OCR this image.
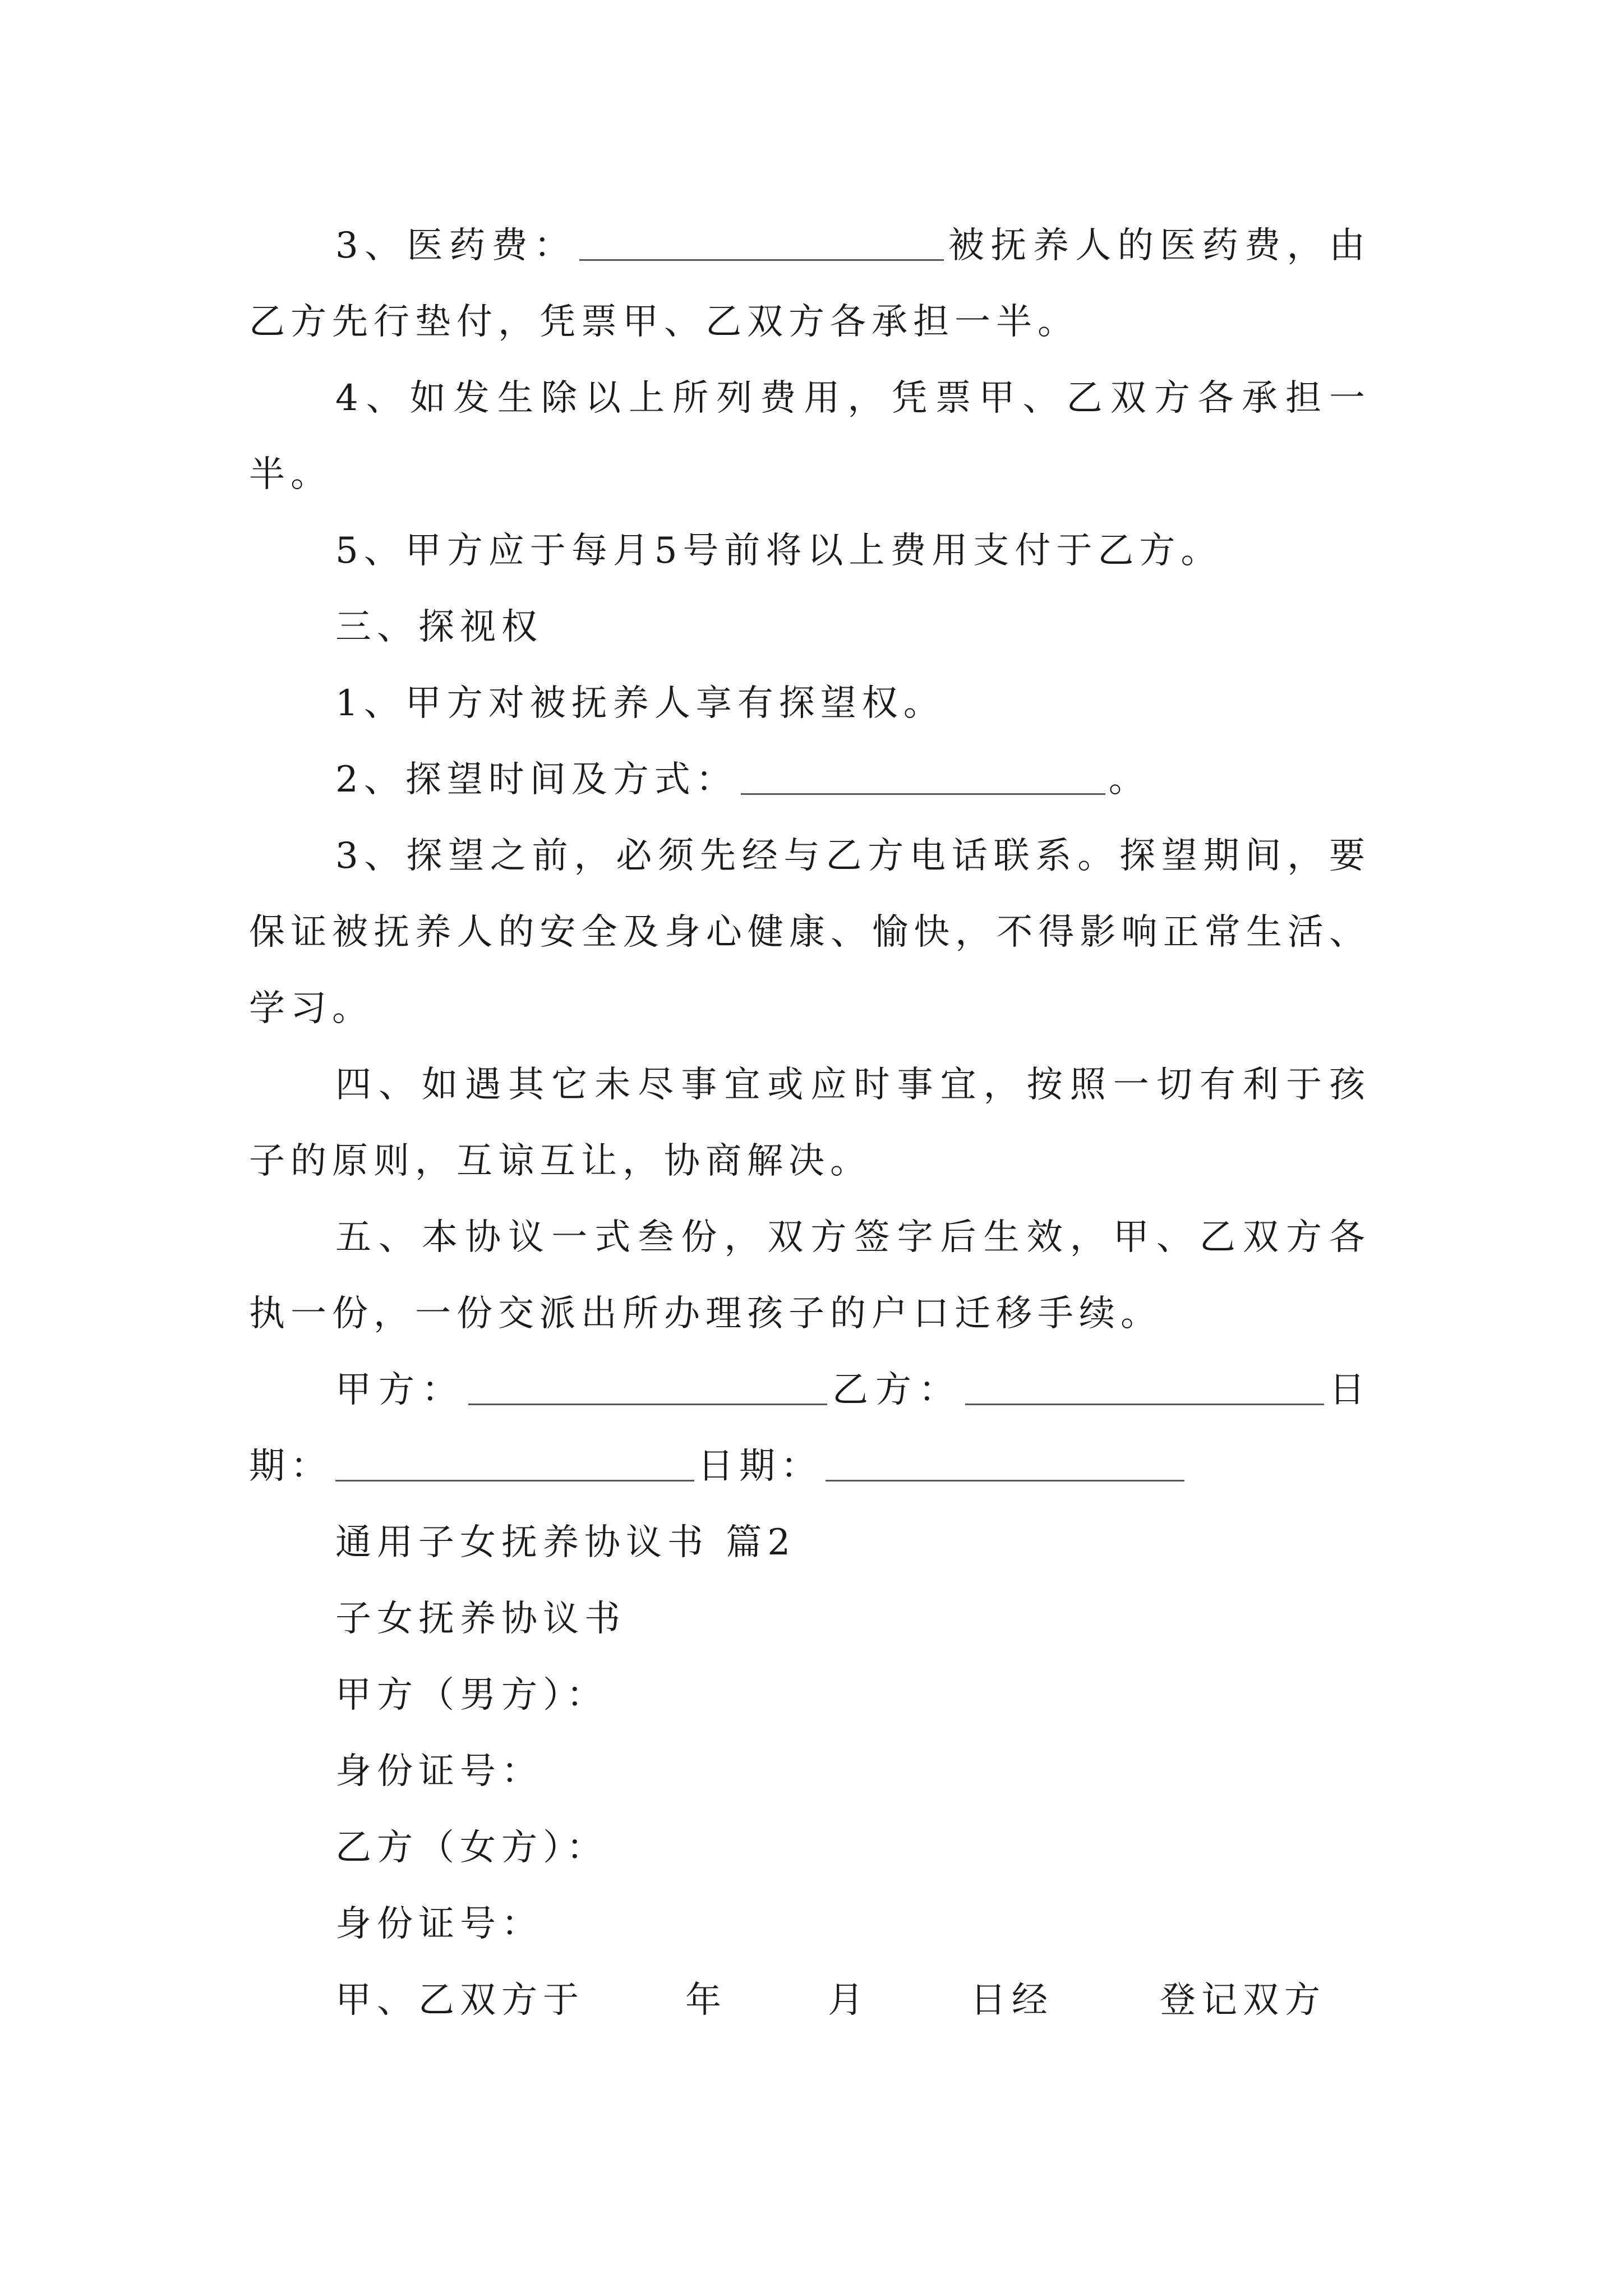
3、医药费：	被抚养人的医药费，由乙方先行垫付，凭票甲、乙双方各承担一半。

4、如发生除以上所列费用，凭票甲、乙双方各承担一半。

5、甲方应于每月5号前将以上费用支付于乙方。

三、探视权

1、甲方对被抚养人享有探望权。

2、探望时间及方式：	。

3、探望之前，必须先经与乙方电话联系。探望期间，要保证被抚养人的安全及身心健康、愉快，不得影响正常生活、学习。

四、如遇其它未尽事宜或应时事宜，按照一切有利于孩子的原则，互谅互让，协商解决。

五、本协议一式叁份，双方签字后生效，甲、乙双方各执一份，一份交派出所办理孩子的户口迁移手续。

甲方：	乙方：	日期：	日期：

通用子女抚养协议书 篇2

子女抚养协议书

甲方（男方）：

身份证号：

乙方（女方）：

身份证号：

甲、乙双方于	年	月	日经	登记双方
